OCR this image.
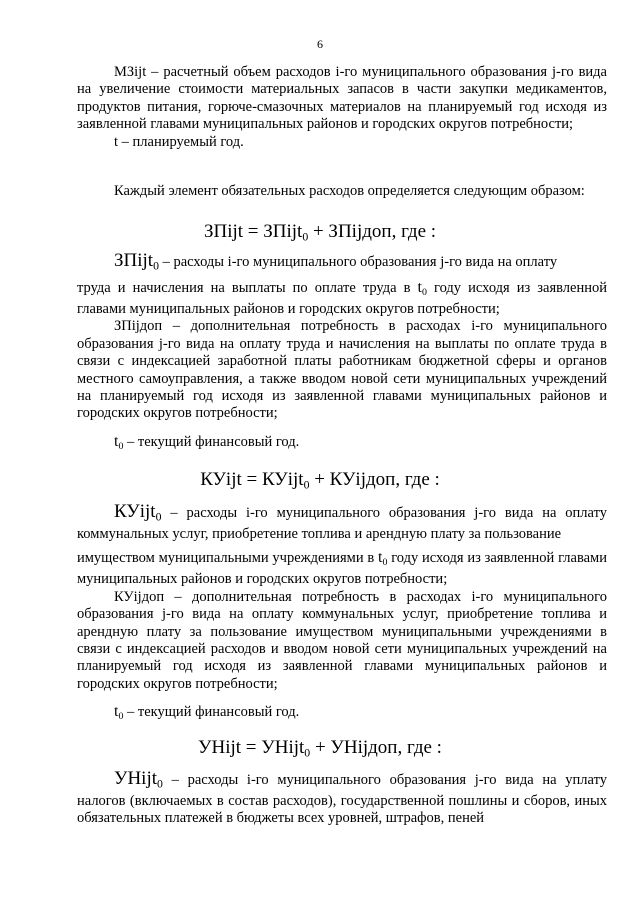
6

МЗijt – расчетный объем расходов i-го муниципального образования j-го вида на увеличение стоимости материальных запасов в части закупки медикаментов, продуктов питания, горюче-смазочных материалов на планируемый год исходя из заявленной главами муниципальных районов и городских округов потребности;

t – планируемый год.

Каждый элемент обязательных расходов определяется следующим образом:

ЗПijt = ЗПijt$_0$ + ЗПijдоп, где :

ЗПijt$_0$ – расходы i-го муниципального образования j-го вида на оплату

труда и начисления на выплаты по оплате труда в $t_0$ году исходя из заявленной главами муниципальных районов и городских округов потребности;

ЗПijдоп – дополнительная потребность в расходах i-го муниципального образования j-го вида на оплату труда и начисления на выплаты по оплате труда в связи с индексацией заработной платы работникам бюджетной сферы и органов местного самоуправления, а также вводом новой сети муниципальных учреждений на планируемый год исходя из заявленной главами муниципальных районов и городских округов потребности;

$t_0$ – текущий финансовый год.

КУijt = КУijt$_0$ + КУijдоп, где :

КУijt$_0$ – расходы i-го муниципального образования j-го вида на оплату коммунальных услуг, приобретение топлива и арендную плату за пользование

имуществом муниципальными учреждениями в $t_0$ году исходя из заявленной главами муниципальных районов и городских округов потребности;

КУijдоп – дополнительная потребность в расходах i-го муниципального образования j-го вида на оплату коммунальных услуг, приобретение топлива и арендную плату за пользование имуществом муниципальными учреждениями в связи с индексацией расходов и вводом новой сети муниципальных учреждений на планируемый год исходя из заявленной главами муниципальных районов и городских округов потребности;

$t_0$ – текущий финансовый год.

УНijt = УНijt$_0$ + УНijдоп, где :

УНijt$_0$ – расходы i-го муниципального образования j-го вида на уплату налогов (включаемых в состав расходов), государственной пошлины и сборов, иных обязательных платежей в бюджеты всех уровней, штрафов, пеней
